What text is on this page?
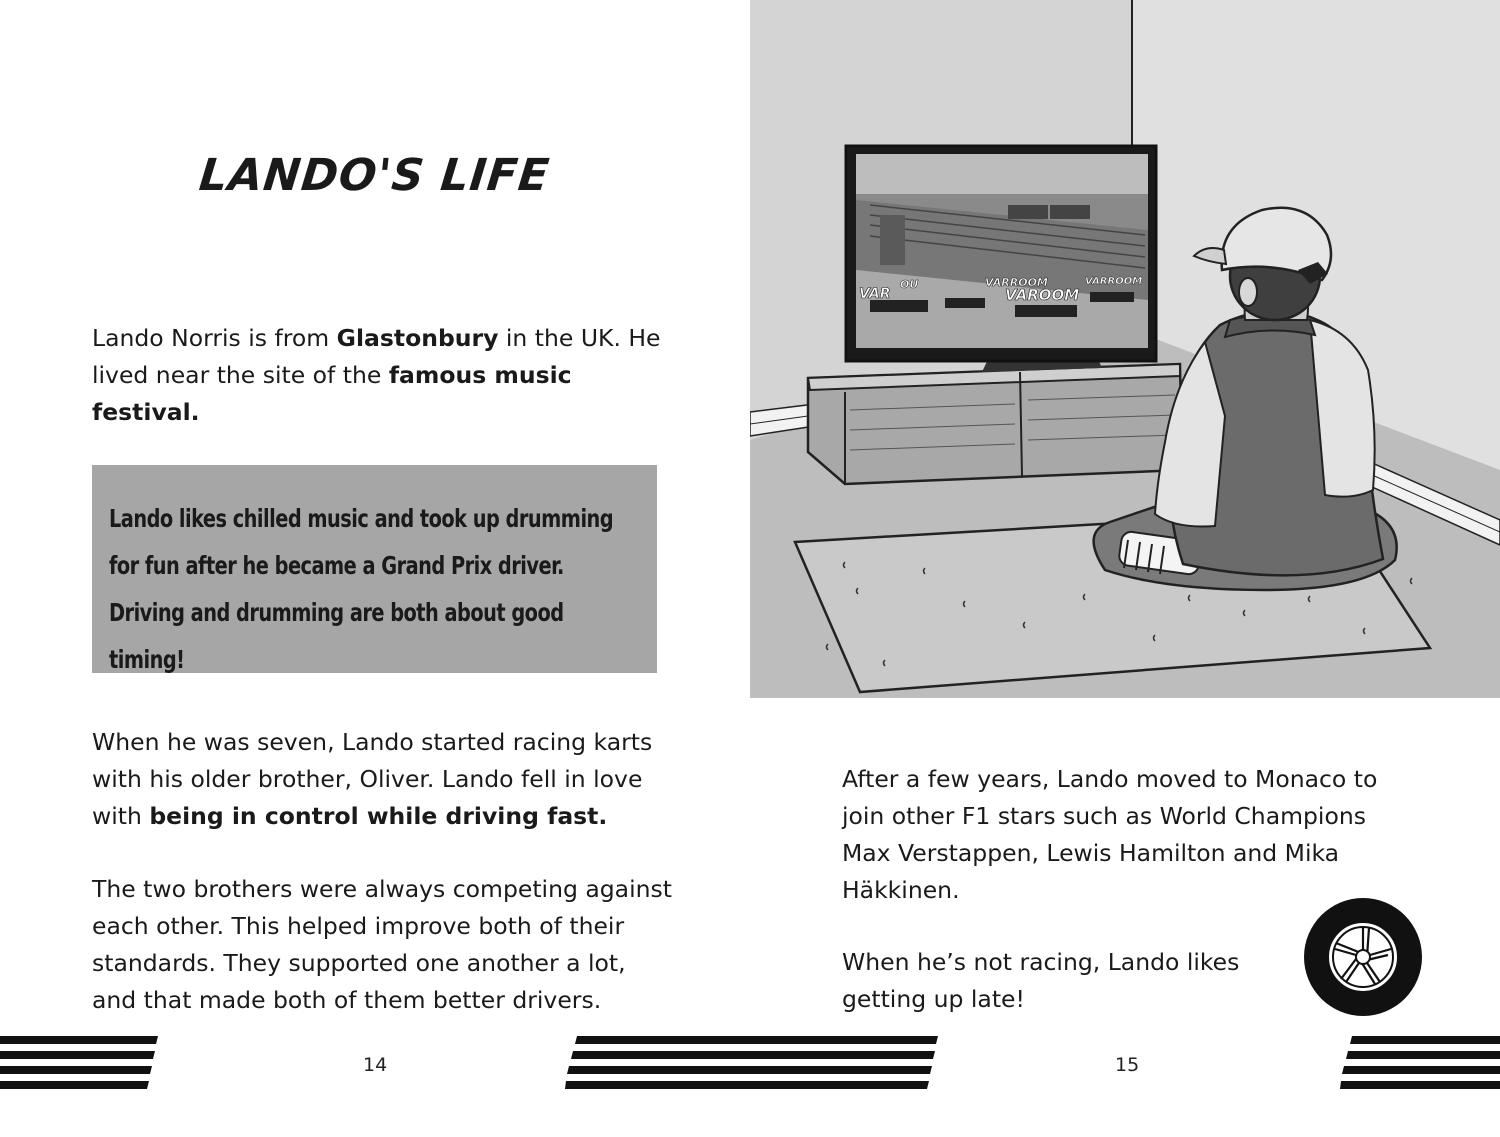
LANDO'S LIFE

Lando Norris is from Glastonbury in the UK. He lived near the site of the famous music festival.

Lando likes chilled music and took up drumming for fun after he became a Grand Prix driver. Driving and drumming are both about good timing!

When he was seven, Lando started racing karts with his older brother, Oliver. Lando fell in love with being in control while driving fast.

The two brothers were always competing against each other. This helped improve both of their standards. They supported one another a lot, and that made both of them better drivers.

14

VAR
OU	VARROOM
VAROOM
VARROOM

After a few years, Lando moved to Monaco to join other F1 stars such as World Champions Max Verstappen, Lewis Hamilton and Mika Häkkinen.

When he’s not racing, Lando likes getting up late!

15
